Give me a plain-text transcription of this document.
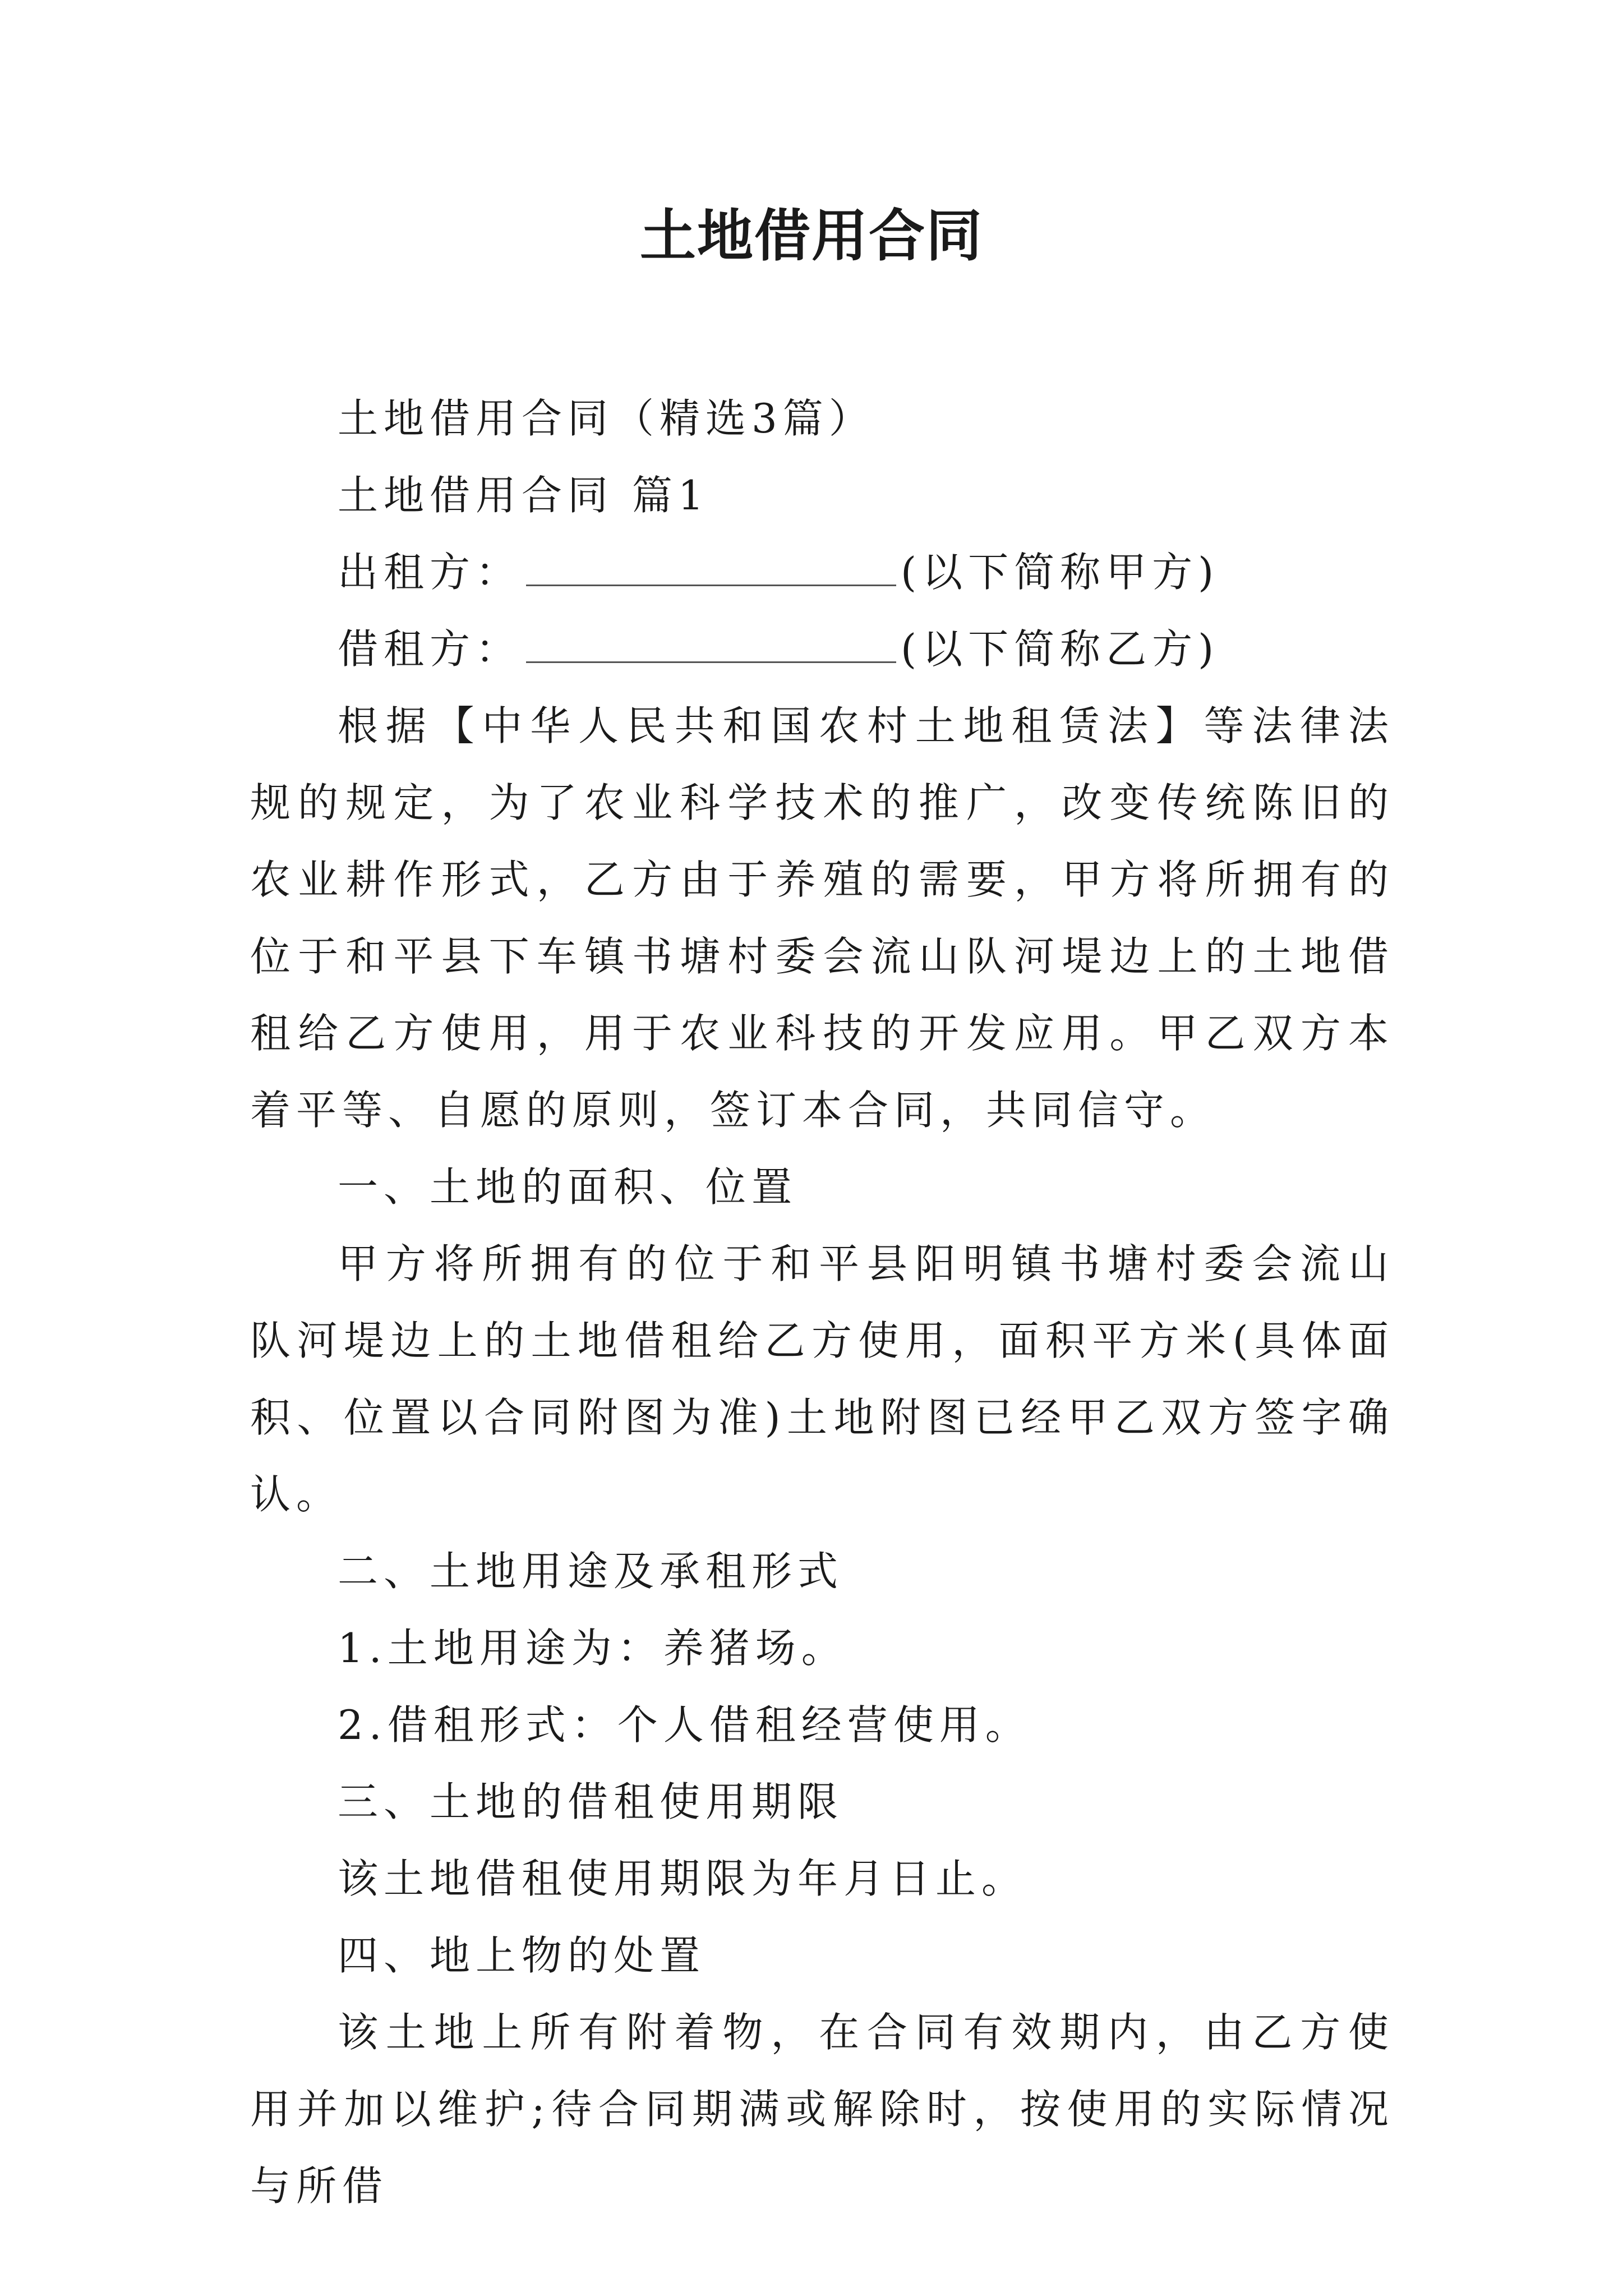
土地借用合同

土地借用合同（精选3篇）

土地借用合同 篇1

出租方：	(以下简称甲方)

借租方：	(以下简称乙方)

根据【中华人民共和国农村土地租赁法】等法律法规的规定，为了农业科学技术的推广，改变传统陈旧的农业耕作形式，乙方由于养殖的需要，甲方将所拥有的位于和平县下车镇书塘村委会流山队河堤边上的土地借租给乙方使用，用于农业科技的开发应用。甲乙双方本着平等、自愿的原则，签订本合同，共同信守。

一、土地的面积、位置

甲方将所拥有的位于和平县阳明镇书塘村委会流山队河堤边上的土地借租给乙方使用，面积平方米(具体面积、位置以合同附图为准)土地附图已经甲乙双方签字确认。

二、土地用途及承租形式

1.土地用途为：养猪场。

2.借租形式：个人借租经营使用。

三、土地的借租使用期限

该土地借租使用期限为年月日止。

四、地上物的处置

该土地上所有附着物，在合同有效期内，由乙方使用并加以维护;待合同期满或解除时，按使用的实际情况与所借
